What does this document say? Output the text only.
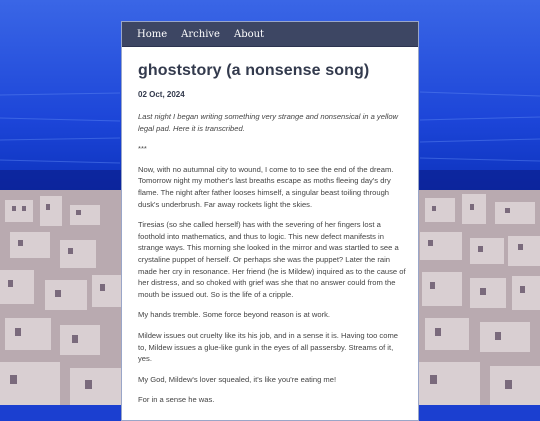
Home Archive About
ghoststory (a nonsense song)
02 Oct, 2024

Last night I began writing something very strange and nonsensical in a yellow legal pad. Here it is transcribed.

***

Now, with no autumnal city to wound, I come to to see the end of the dream. Tomorrow night my mother's last breaths escape as moths fleeing day's dry flame. The night after father looses himself, a singular beast toiling through dusk's underbrush. Far away rockets light the skies.

Tiresias (so she called herself) has with the severing of her fingers lost a foothold into mathematics, and thus to logic. This new defect manifests in strange ways. This morning she looked in the mirror and was startled to see a crystaline puppet of herself. Or perhaps she was the puppet? Later the rain made her cry in resonance. Her friend (he is Mildew) inquired as to the cause of her distress, and so choked with grief was she that no answer could from the mouth be issued out. So is the life of a cripple.

My hands tremble. Some force beyond reason is at work.

Mildew issues out cruelty like its his job, and in a sense it is. Having too come to, Mildew issues a glue-like gunk in the eyes of all passersby. Streams of it, yes.

My God, Mildew's lover squealed, it's like you're eating me!

For in a sense he was.
